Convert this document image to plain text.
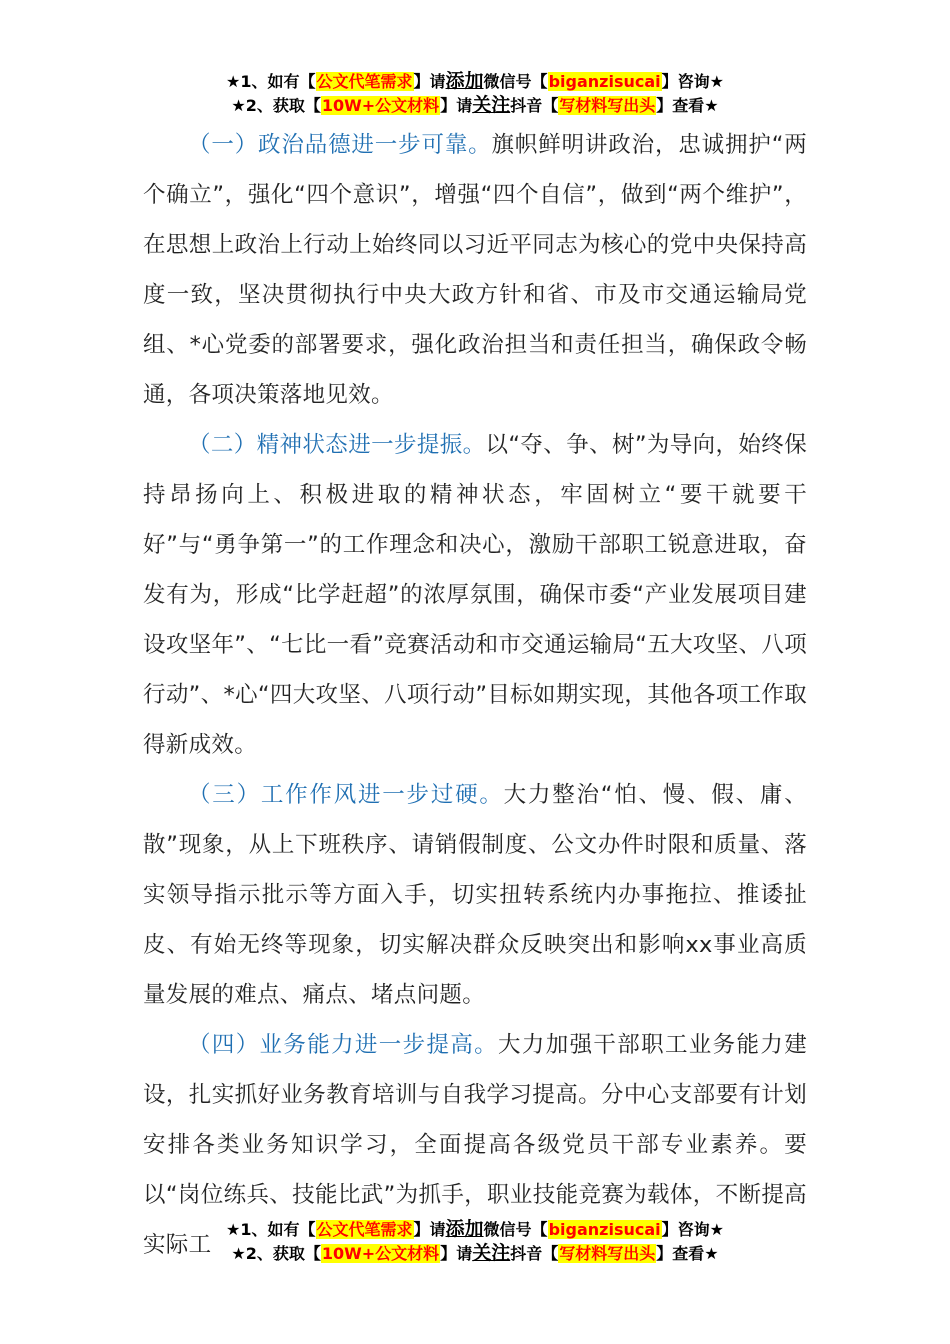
★1、如有【公文代笔需求】请添加微信号【biganzisucai】咨询★
★2、获取【10W+公文材料】请关注抖音【写材料写出头】查看★

（一）政治品德进一步可靠。旗帜鲜明讲政治，忠诚拥护“两个确立”，强化“四个意识”，增强“四个自信”，做到“两个维护”，在思想上政治上行动上始终同以习近平同志为核心的党中央保持高度一致，坚决贯彻执行中央大政方针和省、市及市交通运输局党组、*心党委的部署要求，强化政治担当和责任担当，确保政令畅通，各项决策落地见效。

（二）精神状态进一步提振。以“夺、争、树”为导向，始终保持昂扬向上、积极进取的精神状态，牢固树立“要干就要干好”与“勇争第一”的工作理念和决心，激励干部职工锐意进取，奋发有为，形成“比学赶超”的浓厚氛围，确保市委“产业发展项目建设攻坚年”、“七比一看”竞赛活动和市交通运输局“五大攻坚、八项行动”、*心“四大攻坚、八项行动”目标如期实现，其他各项工作取得新成效。

（三）工作作风进一步过硬。大力整治“怕、慢、假、庸、散”现象，从上下班秩序、请销假制度、公文办件时限和质量、落实领导指示批示等方面入手，切实扭转系统内办事拖拉、推诿扯皮、有始无终等现象，切实解决群众反映突出和影响xx事业高质量发展的难点、痛点、堵点问题。

（四）业务能力进一步提高。大力加强干部职工业务能力建设，扎实抓好业务教育培训与自我学习提高。分中心支部要有计划安排各类业务知识学习，全面提高各级党员干部专业素养。要以“岗位练兵、技能比武”为抓手，职业技能竞赛为载体，不断提高实际工

★1、如有【公文代笔需求】请添加微信号【biganzisucai】咨询★
★2、获取【10W+公文材料】请关注抖音【写材料写出头】查看★
